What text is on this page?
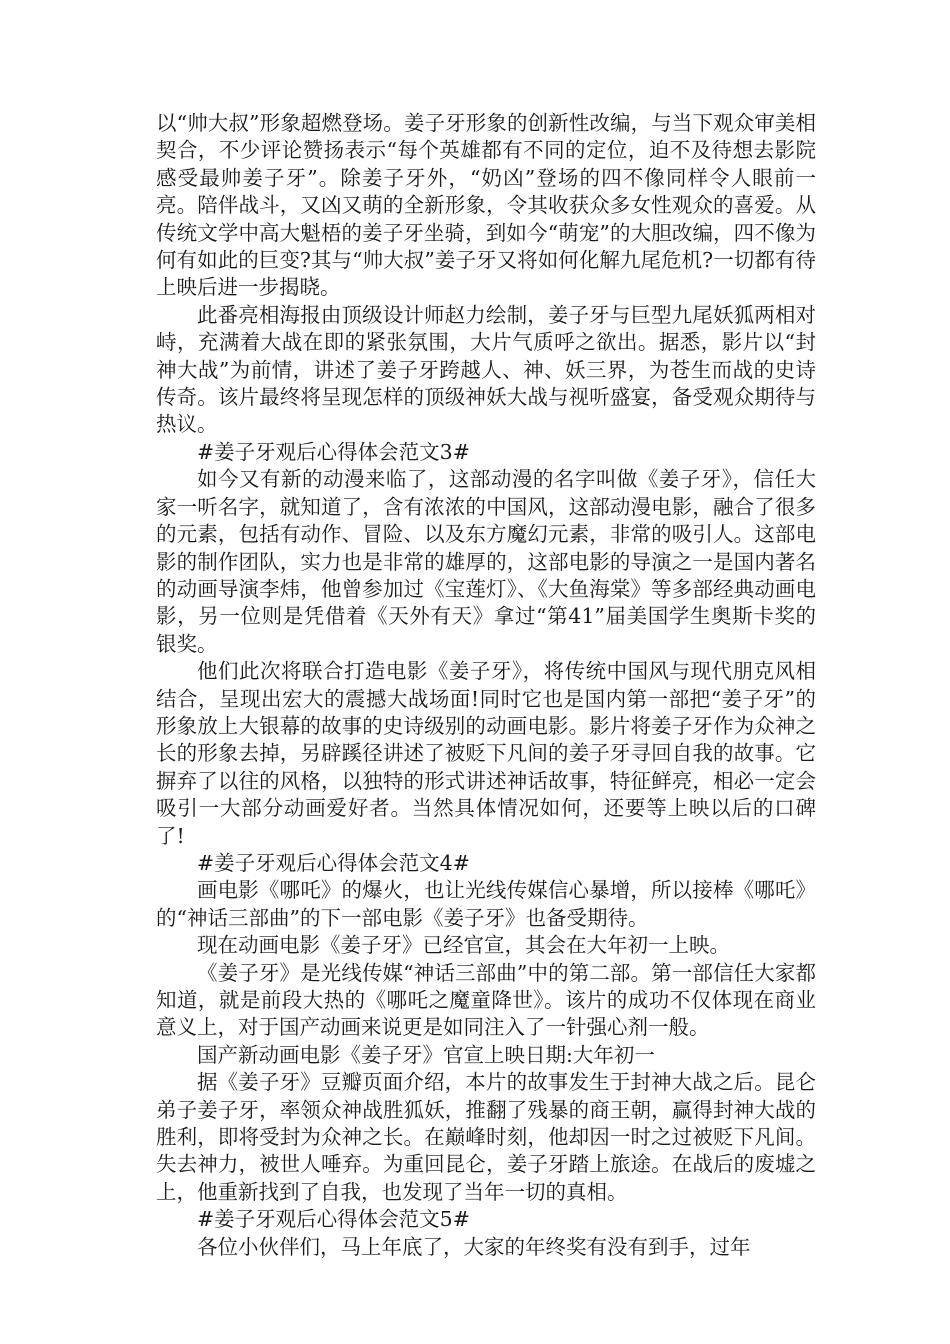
以“帅大叔”形象超燃登场。姜子牙形象的创新性改编，与当下观众审美相契合，不少评论赞扬表示“每个英雄都有不同的定位，迫不及待想去影院感受最帅姜子牙”。除姜子牙外，“奶凶”登场的四不像同样令人眼前一亮。陪伴战斗，又凶又萌的全新形象，令其收获众多女性观众的喜爱。从传统文学中高大魁梧的姜子牙坐骑，到如今“萌宠”的大胆改编，四不像为何有如此的巨变?其与“帅大叔”姜子牙又将如何化解九尾危机?一切都有待上映后进一步揭晓。

此番亮相海报由顶级设计师赵力绘制，姜子牙与巨型九尾妖狐两相对峙，充满着大战在即的紧张氛围，大片气质呼之欲出。据悉，影片以“封神大战”为前情，讲述了姜子牙跨越人、神、妖三界，为苍生而战的史诗传奇。该片最终将呈现怎样的顶级神妖大战与视听盛宴，备受观众期待与热议。

#姜子牙观后心得体会范文3#

如今又有新的动漫来临了，这部动漫的名字叫做《姜子牙》，信任大家一听名字，就知道了，含有浓浓的中国风，这部动漫电影，融合了很多的元素，包括有动作、冒险、以及东方魔幻元素，非常的吸引人。这部电影的制作团队，实力也是非常的雄厚的，这部电影的导演之一是国内著名的动画导演李炜，他曾参加过《宝莲灯》、《大鱼海棠》等多部经典动画电影，另一位则是凭借着《天外有天》拿过“第41”届美国学生奥斯卡奖的银奖。

他们此次将联合打造电影《姜子牙》，将传统中国风与现代朋克风相结合，呈现出宏大的震撼大战场面!同时它也是国内第一部把“姜子牙”的形象放上大银幕的故事的史诗级别的动画电影。影片将姜子牙作为众神之长的形象去掉，另辟蹊径讲述了被贬下凡间的姜子牙寻回自我的故事。它摒弃了以往的风格，以独特的形式讲述神话故事，特征鲜亮，相必一定会吸引一大部分动画爱好者。当然具体情况如何，还要等上映以后的口碑了!

#姜子牙观后心得体会范文4#

画电影《哪吒》的爆火，也让光线传媒信心暴增，所以接棒《哪吒》的“神话三部曲”的下一部电影《姜子牙》也备受期待。

现在动画电影《姜子牙》已经官宣，其会在大年初一上映。

《姜子牙》是光线传媒“神话三部曲”中的第二部。第一部信任大家都知道，就是前段大热的《哪吒之魔童降世》。该片的成功不仅体现在商业意义上，对于国产动画来说更是如同注入了一针强心剂一般。

国产新动画电影《姜子牙》官宣上映日期:大年初一

据《姜子牙》豆瓣页面介绍，本片的故事发生于封神大战之后。昆仑弟子姜子牙，率领众神战胜狐妖，推翻了残暴的商王朝，赢得封神大战的胜利，即将受封为众神之长。在巅峰时刻，他却因一时之过被贬下凡间。失去神力，被世人唾弃。为重回昆仑，姜子牙踏上旅途。在战后的废墟之上，他重新找到了自我，也发现了当年一切的真相。

#姜子牙观后心得体会范文5#

各位小伙伴们，马上年底了，大家的年终奖有没有到手，过年
